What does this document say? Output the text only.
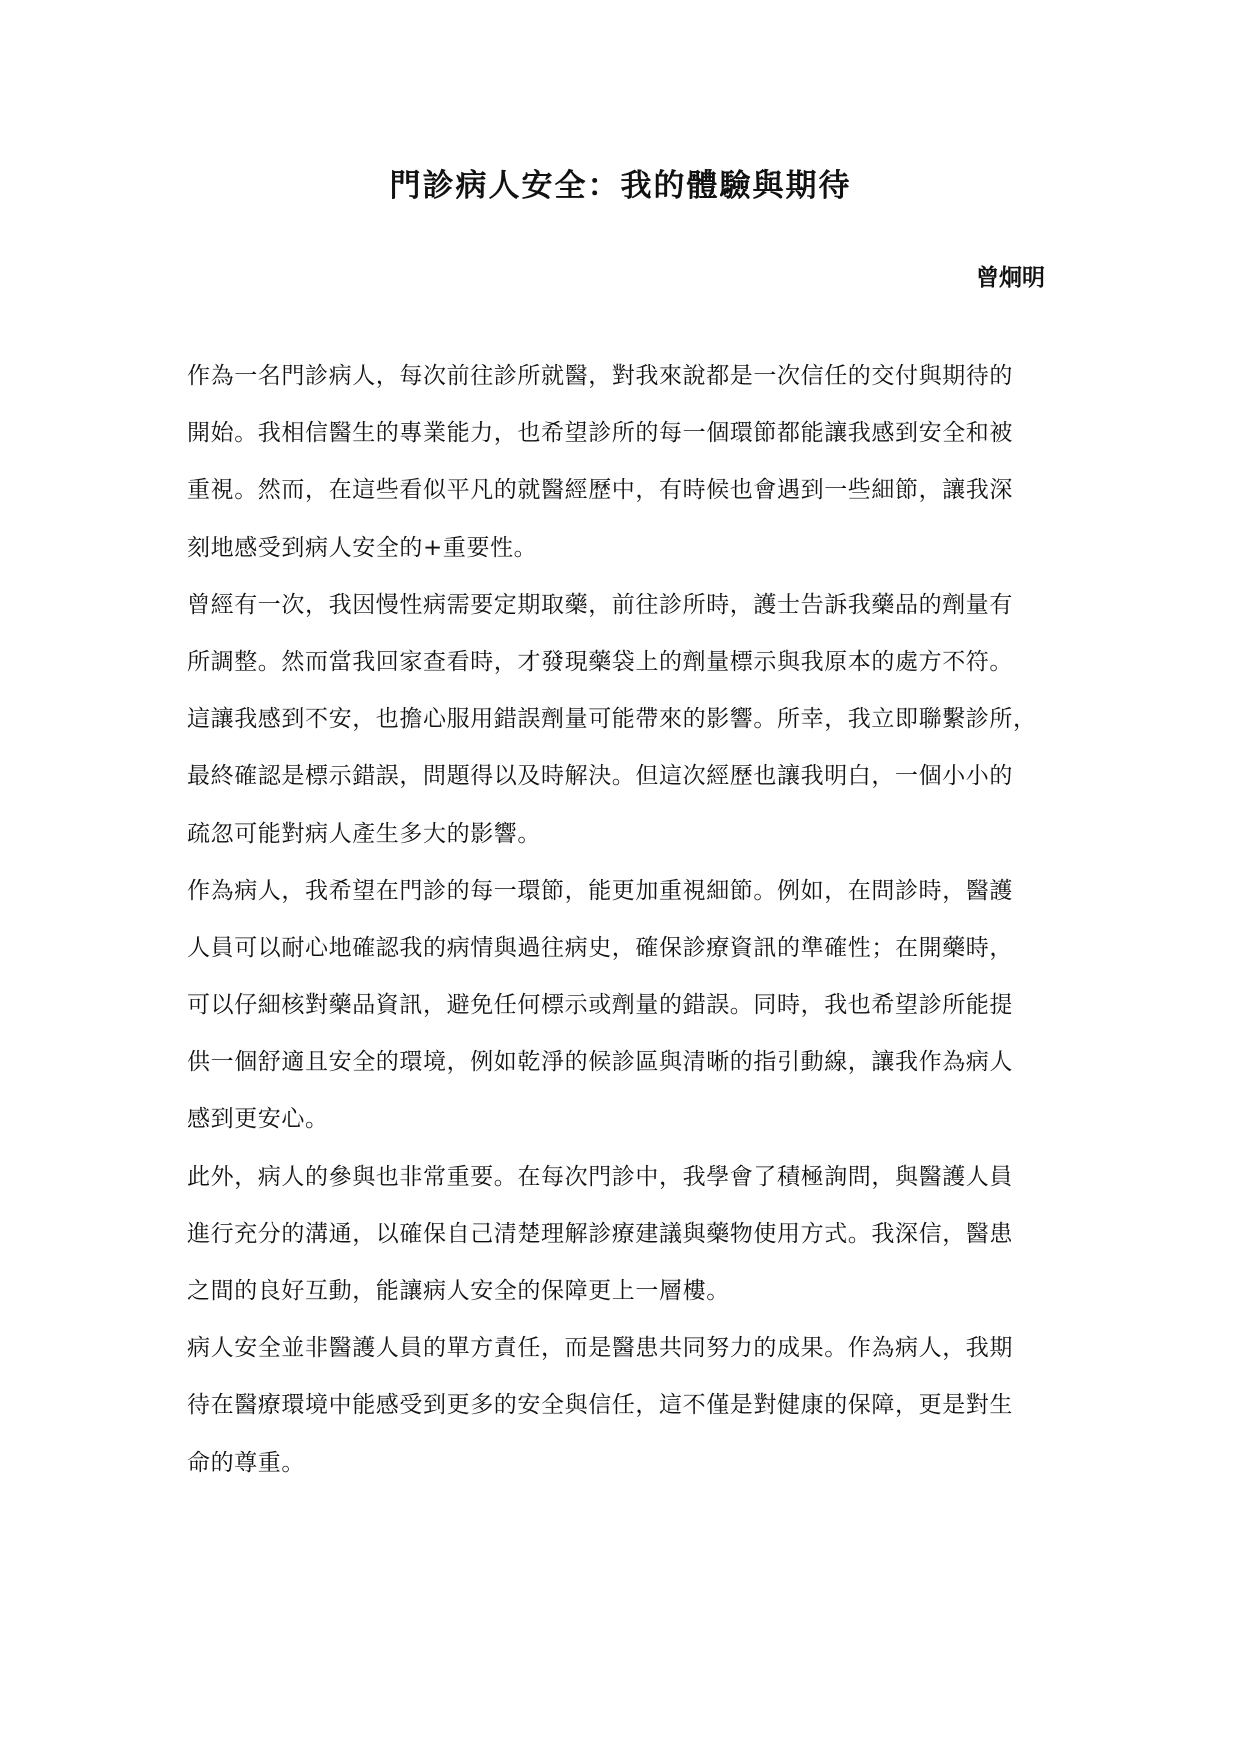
門診病人安全：我的體驗與期待

曾炯明

作為一名門診病人，每次前往診所就醫，對我來說都是一次信任的交付與期待的
開始。我相信醫生的專業能力，也希望診所的每一個環節都能讓我感到安全和被
重視。然而，在這些看似平凡的就醫經歷中，有時候也會遇到一些細節，讓我深
刻地感受到病人安全的+重要性。

曾經有一次，我因慢性病需要定期取藥，前往診所時，護士告訴我藥品的劑量有
所調整。然而當我回家查看時，才發現藥袋上的劑量標示與我原本的處方不符。
這讓我感到不安，也擔心服用錯誤劑量可能帶來的影響。所幸，我立即聯繫診所，
最終確認是標示錯誤，問題得以及時解決。但這次經歷也讓我明白，一個小小的
疏忽可能對病人產生多大的影響。

作為病人，我希望在門診的每一環節，能更加重視細節。例如，在問診時，醫護
人員可以耐心地確認我的病情與過往病史，確保診療資訊的準確性；在開藥時，
可以仔細核對藥品資訊，避免任何標示或劑量的錯誤。同時，我也希望診所能提
供一個舒適且安全的環境，例如乾淨的候診區與清晰的指引動線，讓我作為病人
感到更安心。

此外，病人的參與也非常重要。在每次門診中，我學會了積極詢問，與醫護人員
進行充分的溝通，以確保自己清楚理解診療建議與藥物使用方式。我深信，醫患
之間的良好互動，能讓病人安全的保障更上一層樓。

病人安全並非醫護人員的單方責任，而是醫患共同努力的成果。作為病人，我期
待在醫療環境中能感受到更多的安全與信任，這不僅是對健康的保障，更是對生
命的尊重。
